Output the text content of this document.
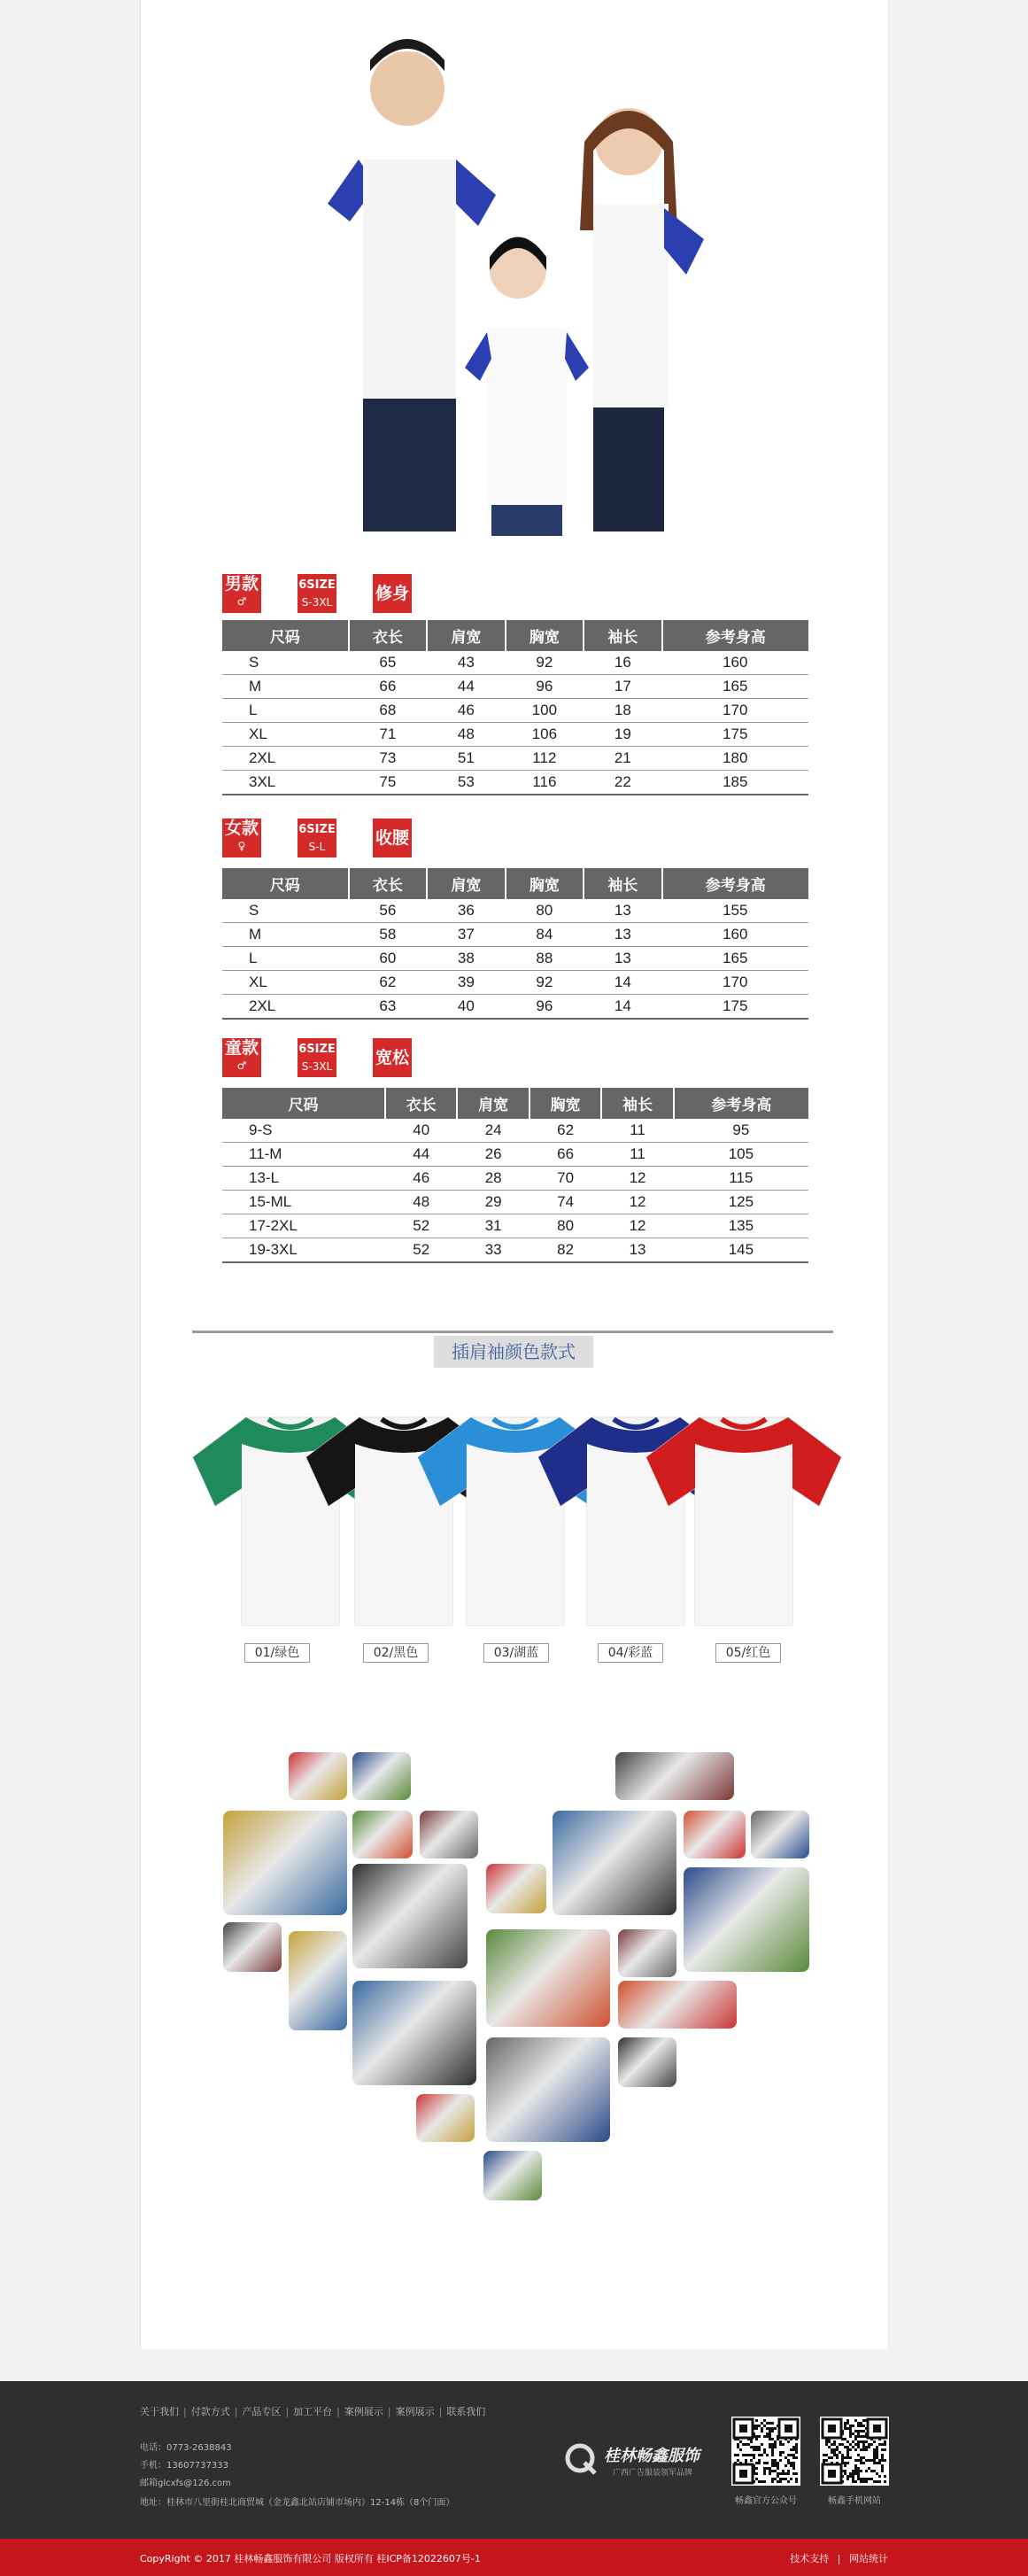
男款
♂
6SIZE
S-3XL	修身
尺码	衣长	肩宽	胸宽	袖长	参考身高
S	65	43	92	16	160
M	66	44	96	17	165
L	68	46	100	18	170
XL	71	48	106	19	175
2XL	73	51	112	21	180
3XL	75	53	116	22	185
女款
♀
6SIZE
S-L	收腰
尺码	衣长	肩宽	胸宽	袖长	参考身高
S	56	36	80	13	155
M	58	37	84	13	160
L	60	38	88	13	165
XL	62	39	92	14	170
2XL	63	40	96	14	175
童款
♂
6SIZE
S-3XL	宽松
尺码	衣长	肩宽	胸宽	袖长	参考身高
9-S	40	24	62	11	95
11-M	44	26	66	11	105
13-L	46	28	70	12	115
15-ML	48	29	74	12	125
17-2XL	52	31	80	12	135
19-3XL	52	33	82	13	145
插肩袖颜色款式
01/绿色	02/黑色	03/湖蓝	04/彩蓝	05/红色
关于我们 | 付款方式 | 产品专区 | 加工平台 | 案例展示 | 案例展示 | 联系我们
电话：0773-2638843
手机：13607737333
邮箱glcxfs@126.com
地址：桂林市八里街桂北商贸城（金龙鑫北站店铺市场内）12-14栋（8个门面）
桂林畅鑫服饰
广西广告服装领军品牌
畅鑫官方公众号	畅鑫手机网站
CopyRight © 2017 桂林畅鑫服饰有限公司 版权所有 桂ICP备12022607号-1	技术支持 | 网站统计
